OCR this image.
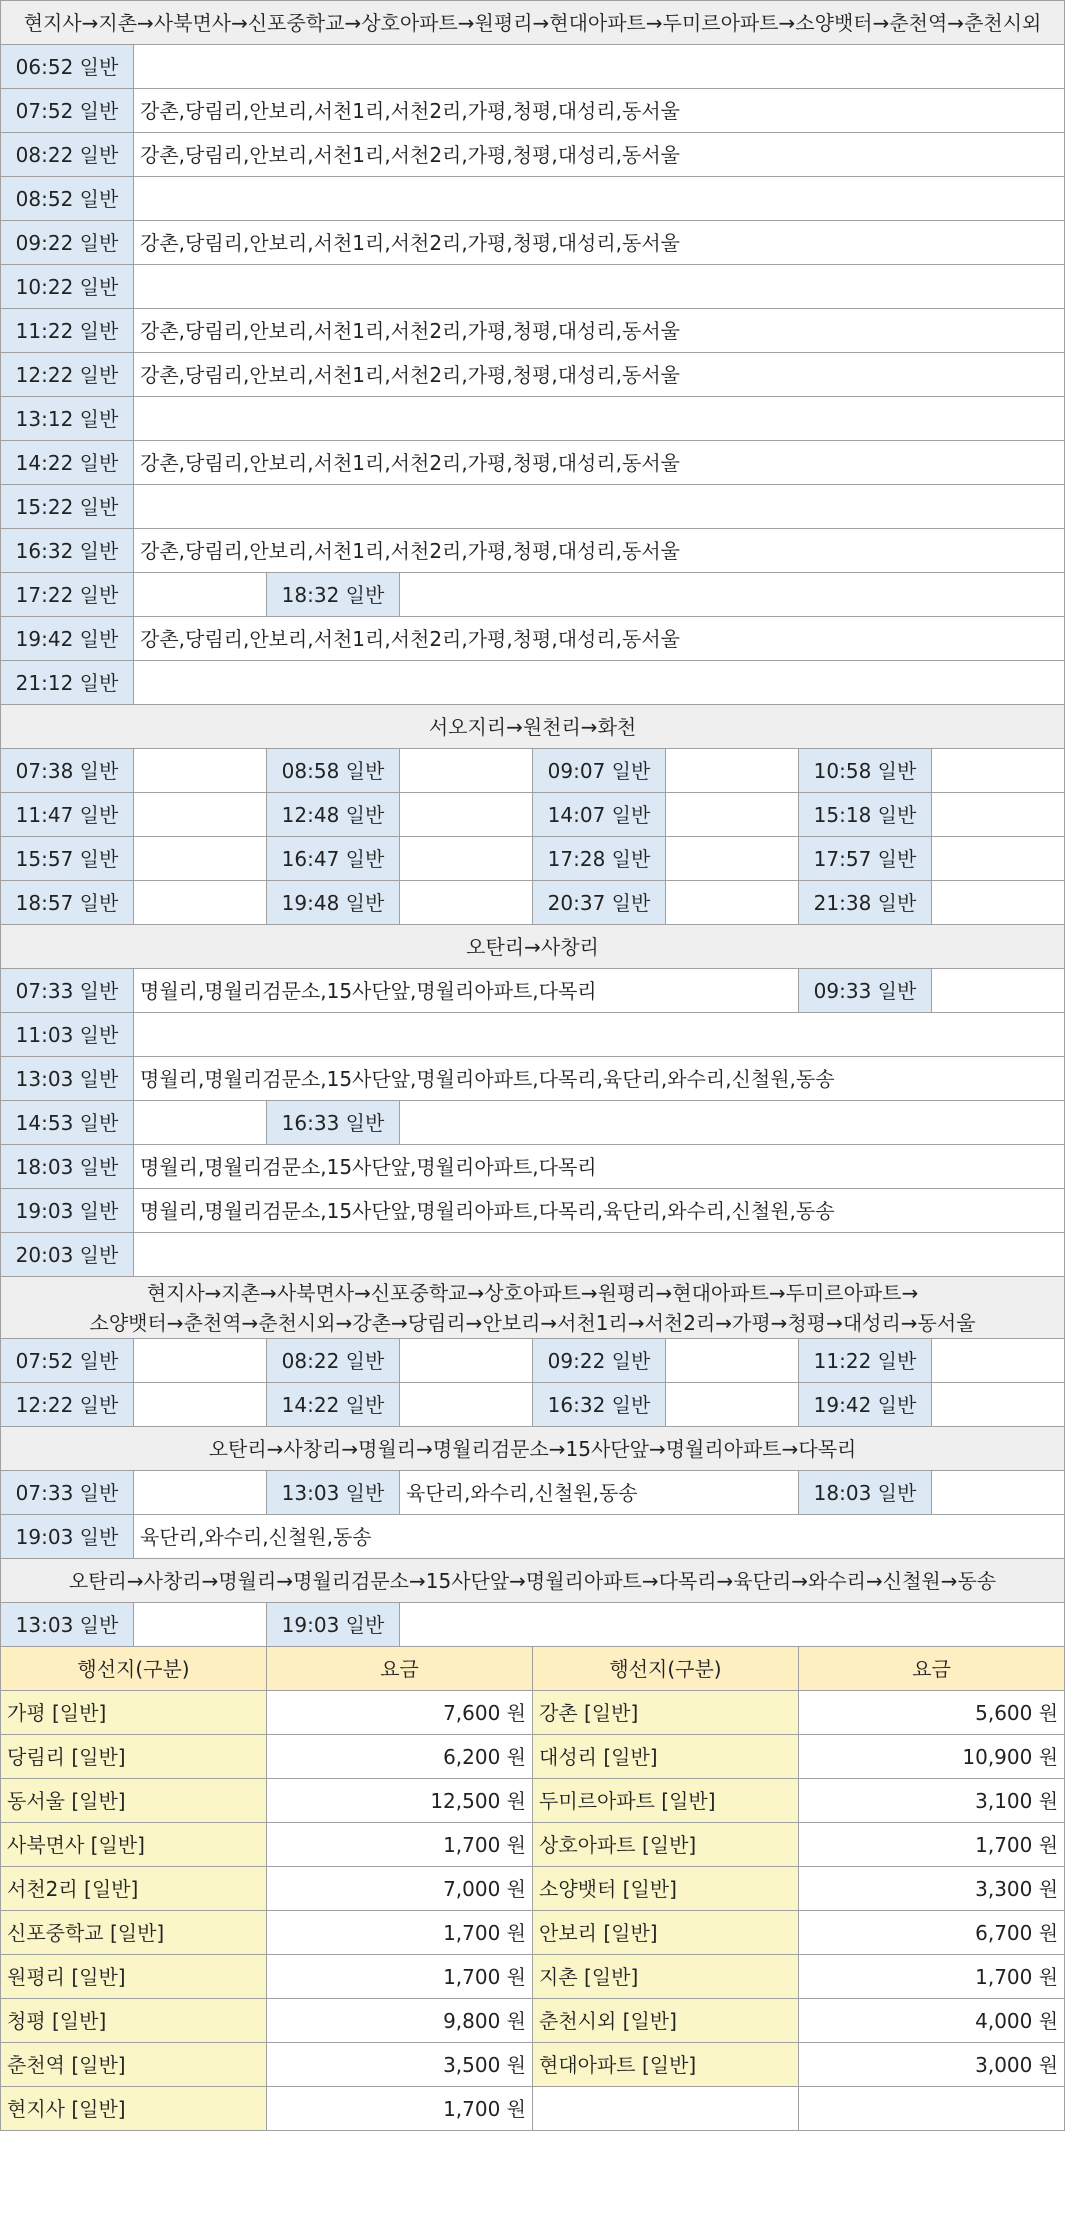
현지사→지촌→사북면사→신포중학교→상호아파트→원평리→현대아파트→두미르아파트→소양뱃터→춘천역→춘천시외							
06:52 일반							
07:52 일반	강촌,당림리,안보리,서천1리,서천2리,가평,청평,대성리,동서울						
08:22 일반	강촌,당림리,안보리,서천1리,서천2리,가평,청평,대성리,동서울						
08:52 일반							
09:22 일반	강촌,당림리,안보리,서천1리,서천2리,가평,청평,대성리,동서울						
10:22 일반							
11:22 일반	강촌,당림리,안보리,서천1리,서천2리,가평,청평,대성리,동서울						
12:22 일반	강촌,당림리,안보리,서천1리,서천2리,가평,청평,대성리,동서울						
13:12 일반							
14:22 일반	강촌,당림리,안보리,서천1리,서천2리,가평,청평,대성리,동서울						
15:22 일반							
16:32 일반	강촌,당림리,안보리,서천1리,서천2리,가평,청평,대성리,동서울						
17:22 일반		18:32 일반					
19:42 일반	강촌,당림리,안보리,서천1리,서천2리,가평,청평,대성리,동서울						
21:12 일반							
서오지리→원천리→화천							
07:38 일반		08:58 일반		09:07 일반		10:58 일반	
11:47 일반		12:48 일반		14:07 일반		15:18 일반	
15:57 일반		16:47 일반		17:28 일반		17:57 일반	
18:57 일반		19:48 일반		20:37 일반		21:38 일반	
오탄리→사창리							
07:33 일반	명월리,명월리검문소,15사단앞,명월리아파트,다목리					09:33 일반	
11:03 일반							
13:03 일반	명월리,명월리검문소,15사단앞,명월리아파트,다목리,육단리,와수리,신철원,동송						
14:53 일반		16:33 일반					
18:03 일반	명월리,명월리검문소,15사단앞,명월리아파트,다목리						
19:03 일반	명월리,명월리검문소,15사단앞,명월리아파트,다목리,육단리,와수리,신철원,동송						
20:03 일반							

현지사→지촌→사북면사→신포중학교→상호아파트→원평리→현대아파트→두미르아파트→
소양뱃터→춘천역→춘천시외→강촌→당림리→안보리→서천1리→서천2리→가평→청평→대성리→동서울							

07:52 일반		08:22 일반		09:22 일반		11:22 일반	
12:22 일반		14:22 일반		16:32 일반		19:42 일반	
오탄리→사창리→명월리→명월리검문소→15사단앞→명월리아파트→다목리							
07:33 일반		13:03 일반	육단리,와수리,신철원,동송			18:03 일반	
19:03 일반	육단리,와수리,신철원,동송						
오탄리→사창리→명월리→명월리검문소→15사단앞→명월리아파트→다목리→육단리→와수리→신철원→동송							
13:03 일반		19:03 일반					
행선지(구분)		요금		행선지(구분)		요금	
가평 [일반]		7,600 원		강촌 [일반]		5,600 원	
당림리 [일반]		6,200 원		대성리 [일반]		10,900 원	
동서울 [일반]		12,500 원		두미르아파트 [일반]		3,100 원	
사북면사 [일반]		1,700 원		상호아파트 [일반]		1,700 원	
서천2리 [일반]		7,000 원		소양뱃터 [일반]		3,300 원	
신포중학교 [일반]		1,700 원		안보리 [일반]		6,700 원	
원평리 [일반]		1,700 원		지촌 [일반]		1,700 원	
청평 [일반]		9,800 원		춘천시외 [일반]		4,000 원	
춘천역 [일반]		3,500 원		현대아파트 [일반]		3,000 원	
현지사 [일반]		1,700 원					
